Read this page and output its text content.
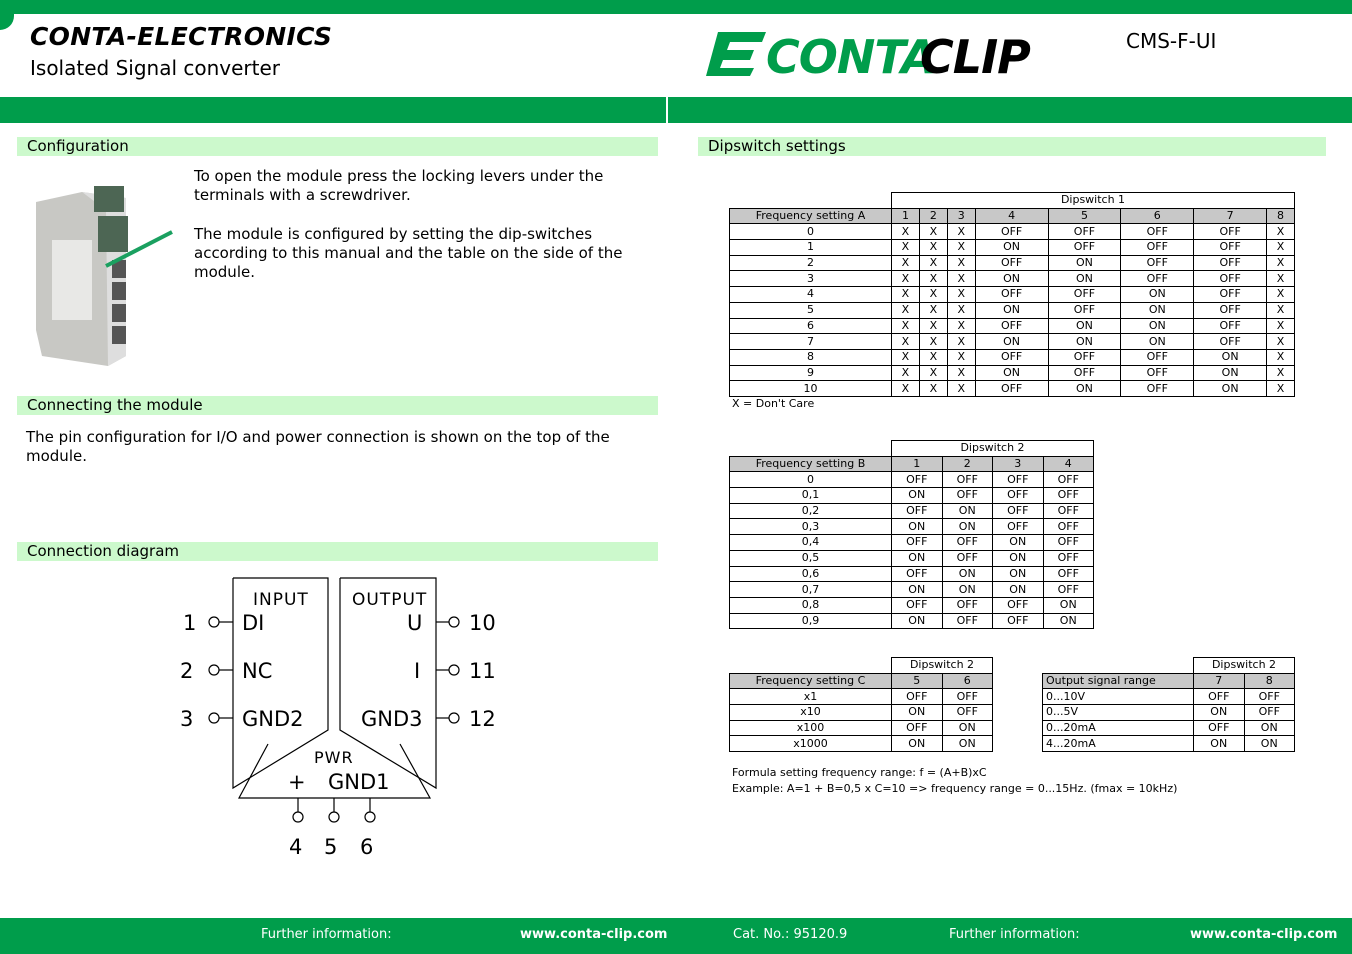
CONTA-ELECTRONICS
Isolated Signal converter	CONTA
CLIP	CMS-F-UI
Configuration
To open the module press the locking levers under the terminals with a screwdriver.
The module is configured by setting the dip-switches according to this manual and the table on the side of the module.
Connecting the module
The pin configuration for I/O and power connection is shown on the top of the module.
Connection diagram
INPUT	OUTPUT
PWR
1
2
3
DI
NC
GND2
10
11
12
U
I
GND3
+ GND1
4 5 6
Dipswitch settings
	Dipswitch 1							
Frequency setting A	1	2	3	4	5	6	7	8
0	X	X	X	OFF	OFF	OFF	OFF	X
1	X	X	X	ON	OFF	OFF	OFF	X
2	X	X	X	OFF	ON	OFF	OFF	X
3	X	X	X	ON	ON	OFF	OFF	X
4	X	X	X	OFF	OFF	ON	OFF	X
5	X	X	X	ON	OFF	ON	OFF	X
6	X	X	X	OFF	ON	ON	OFF	X
7	X	X	X	ON	ON	ON	OFF	X
8	X	X	X	OFF	OFF	OFF	ON	X
9	X	X	X	ON	OFF	OFF	ON	X
10	X	X	X	OFF	ON	OFF	ON	X
X = Don't Care
	Dipswitch 2			
Frequency setting B	1	2	3	4
0	OFF	OFF	OFF	OFF
0,1	ON	OFF	OFF	OFF
0,2	OFF	ON	OFF	OFF
0,3	ON	ON	OFF	OFF
0,4	OFF	OFF	ON	OFF
0,5	ON	OFF	ON	OFF
0,6	OFF	ON	ON	OFF
0,7	ON	ON	ON	OFF
0,8	OFF	OFF	OFF	ON
0,9	ON	OFF	OFF	ON
	Dipswitch 2	
Frequency setting C	5	6
x1	OFF	OFF
x10	ON	OFF
x100	OFF	ON
x1000	ON	ON
	Dipswitch 2	
Output signal range	7	8
0...10V	OFF	OFF
0...5V	ON	OFF
0...20mA	OFF	ON
4...20mA	ON	ON
Formula setting frequency range: f = (A+B)xC
Example: A=1 + B=0,5 x C=10 => frequency range = 0...15Hz. (fmax = 10kHz)
Further information:	www.conta-clip.com	Cat. No.: 95120.9	Further information:	www.conta-clip.com
